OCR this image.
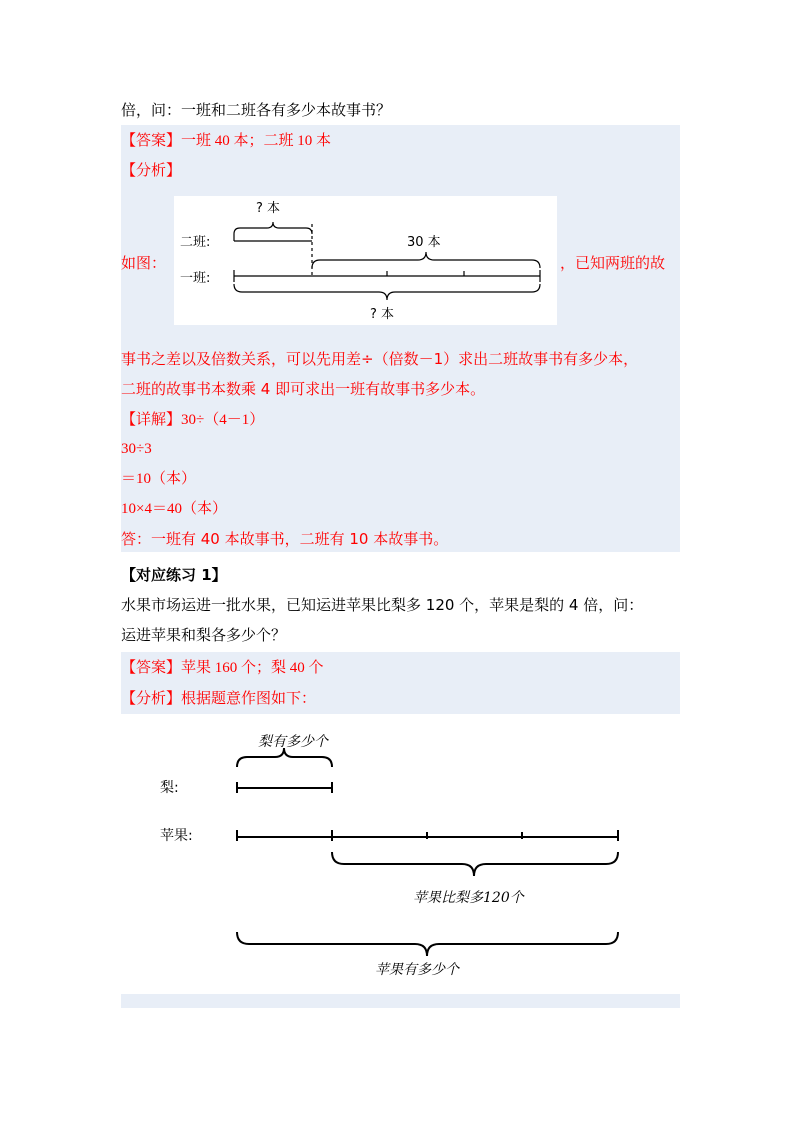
倍，问：一班和二班各有多少本故事书？
【答案】一班 40 本；二班 10 本
【分析】
如图：
二班:
一班:
? 本
30 本
? 本
，已知两班的故
事书之差以及倍数关系，可以先用差÷（倍数－1）求出二班故事书有多少本，
二班的故事书本数乘 4 即可求出一班有故事书多少本。
【详解】30÷（4－1）
30÷3
＝10（本）
10×4＝40（本）
答：一班有 40 本故事书，二班有 10 本故事书。
【对应练习 1】
水果市场运进一批水果，已知运进苹果比梨多 120 个，苹果是梨的 4 倍，问：
运进苹果和梨各多少个？
【答案】苹果 160 个；梨 40 个
【分析】根据题意作图如下：
梨有多少个
梨:
苹果:
苹果比梨多120个
苹果有多少个
